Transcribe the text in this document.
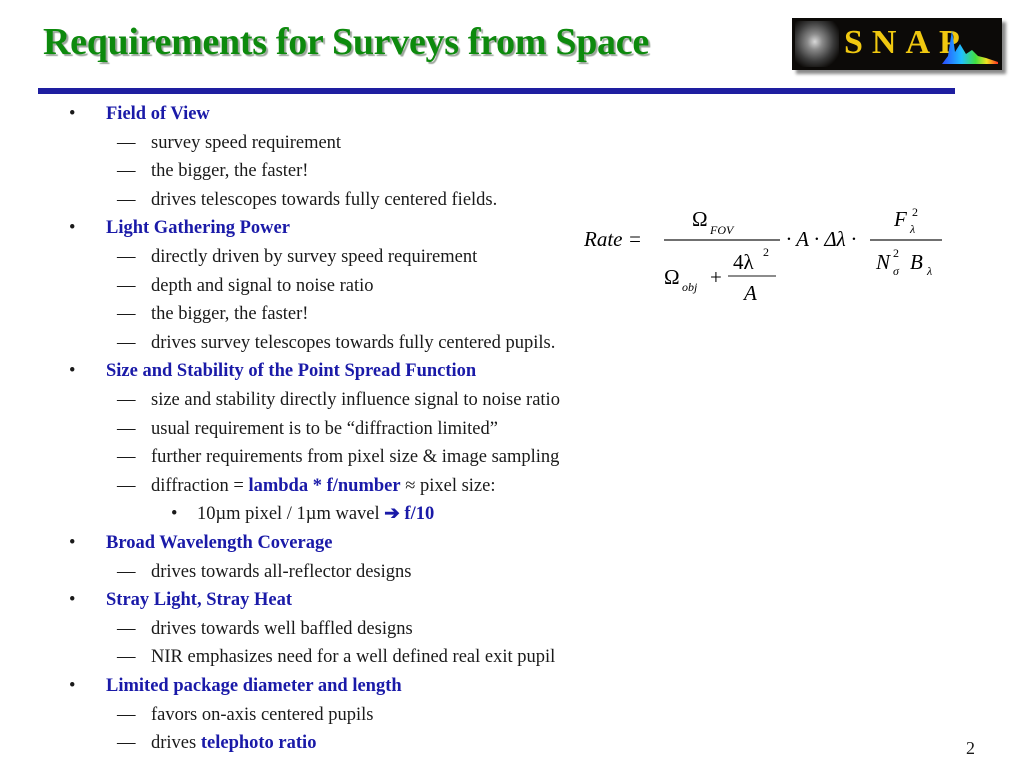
Requirements for Surveys from Space	SNAP
• Field of View
— survey speed requirement
— the bigger, the faster!
— drives telescopes towards fully centered fields.
• Light Gathering Power
— directly driven by survey speed requirement
— depth and signal to noise ratio
— the bigger, the faster!
— drives survey telescopes towards fully centered pupils.
• Size and Stability of the Point Spread Function
— size and stability directly influence signal to noise ratio
— usual requirement is to be “diffraction limited”
— further requirements from pixel size & image sampling
— diffraction = lambda * f/number ≈ pixel size:
• 10µm pixel / 1µm wavel ➔ f/10
• Broad Wavelength Coverage
— drives towards all-reflector designs
• Stray Light, Stray Heat
— drives towards well baffled designs
— NIR emphasizes need for a well defined real exit pupil
• Limited package diameter and length
— favors on-axis centered pupils
— drives telephoto ratio
Rate =
Ω FOV
4λ 2
A
Ω obj +
· A · Δλ ·
F λ
2
N 2
σ B λ
2
